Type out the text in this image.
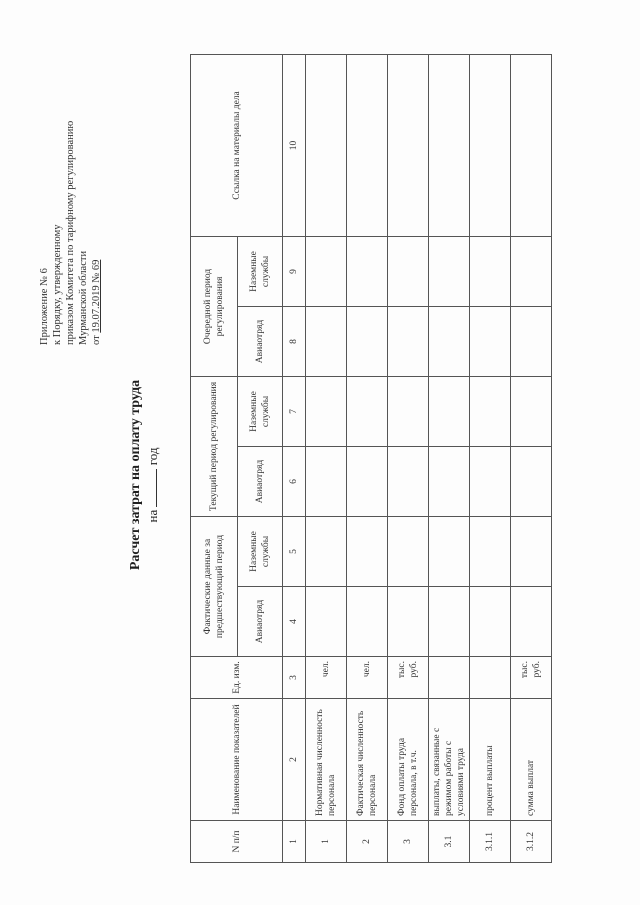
Приложение № 6 к Порядку, утвержденному приказом Комитета по тарифному регулированию Мурманской области от 19.07.2019 № 69
Расчет затрат на оплату труда на  год
N п/п	Наименование показателей	Ед. изм.	Фактические данные за предшествующий период		Текущий период регулирования		Очередной период регулирования		Ссылка на материалы дела
			Авиаотряд	Наземные службы	Авиаотряд	Наземные службы	Авиаотряд	Наземные службы	
1	2	3	4	5	6	7	8	9	10
1	Нормативная численность персонала	чел.							
2	Фактическая численность персонала	чел.							
3	Фонд оплаты труда персонала, в т.ч.	тыс. руб.							
3.1	выплаты, связанные с режимом работы с условиями труда								
3.1.1	процент выплаты								
3.1.2	сумма выплат	тыс. руб.							
